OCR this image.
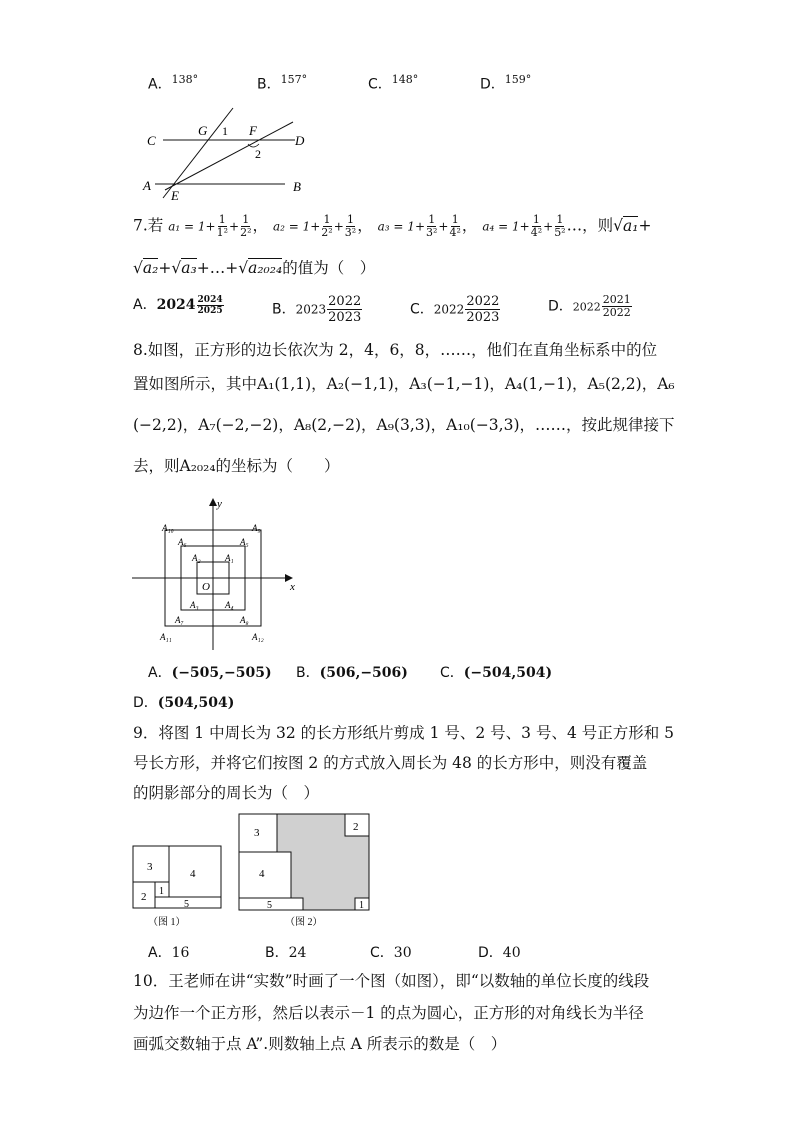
A．$^{138^\circ}$	B．$^{157^\circ}$	C．$^{148^\circ}$	D．$^{159^\circ}$
C
G 1 F
D
2
A
E
B
7.若 $a_1 = 1+ \frac{1}{\text{1²}} + \frac{1}{\text{2²}}$ ， $a_2 = 1+ \frac{1}{\text{2²}} + \frac{1}{\text{3²}}$ ， $a_3 = 1+ \frac{1}{\text{3²}} + \frac{1}{\text{4²}}$ ， $a_4 = 1+ \frac{1}{\text{4²}} + \frac{1}{\text{5²}}$ …，则√a₁+
√a₂+√a₃+…+√a₂₀₂₄的值为（　）
A．$2024 \frac{2024}{2025}$	B．$2023 \frac{2022}{2023}$	C．$2022 \frac{2022}{2023}$	D．$2022 \frac{2021}{2022}$
8.如图，正方形的边长依次为 2，4，6，8，……，他们在直角坐标系中的位
置如图所示，其中A₁(1,1)，A₂(−1,1)，A₃(−1,−1)，A₄(1,−1)，A₅(2,2)，A₆
(−2,2)，A₇(−2,−2)，A₈(2,−2)，A₉(3,3)，A₁₀(−3,3)，……，按此规律接下
去，则A₂₀₂₄的坐标为（　　）
y
x
O
A₁
A₂
A₃	A₄
A₅
A₆
A₇	A₈
A₉
A₁₀
A₁₁	A₁₂
A．(−505,−505) B．(506,−506) C．(−504,504)
D．(504,504)
9．将图 1 中周长为 32 的长方形纸片剪成 1 号、2 号、3 号、4 号正方形和 5
号长方形，并将它们按图 2 的方式放入周长为 48 的长方形中，则没有覆盖
的阴影部分的周长为（　）
3
4
2 1
5
（图 1）
3	2
4
5	1
（图 2）
A．16	B．24	C．30	D．40
10．王老师在讲“实数”时画了一个图（如图），即“以数轴的单位长度的线段
为边作一个正方形，然后以表示－1 的点为圆心，正方形的对角线长为半径
画弧交数轴于点 A”.则数轴上点 A 所表示的数是（　）
